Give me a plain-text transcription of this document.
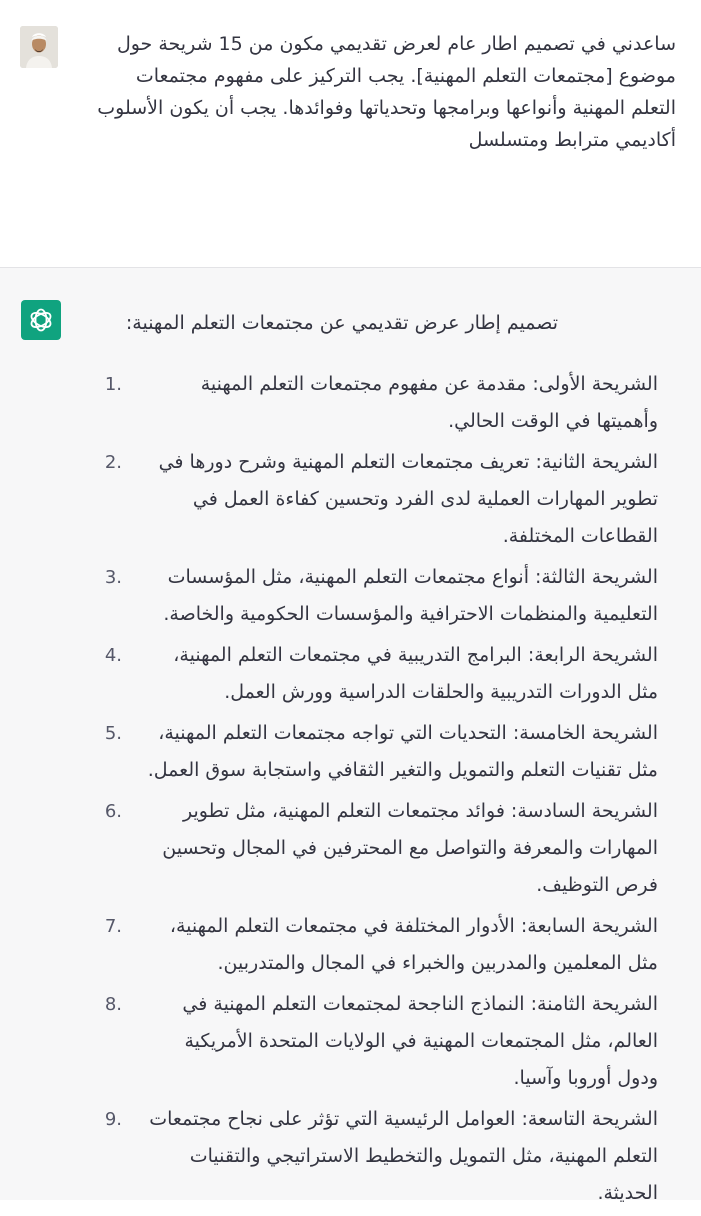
ساعدني في تصميم اطار عام لعرض تقديمي مكون من 15 شريحة حول موضوع [مجتمعات التعلم المهنية]. يجب التركيز على مفهوم مجتمعات التعلم المهنية وأنواعها وبرامجها وتحدياتها وفوائدها. يجب أن يكون الأسلوب أكاديمي مترابط ومتسلسل
تصميم إطار عرض تقديمي عن مجتمعات التعلم المهنية:
1.	الشريحة الأولى: مقدمة عن مفهوم مجتمعات التعلم المهنية وأهميتها في الوقت الحالي.
2.	الشريحة الثانية: تعريف مجتمعات التعلم المهنية وشرح دورها في تطوير المهارات العملية لدى الفرد وتحسين كفاءة العمل في القطاعات المختلفة.
3.	الشريحة الثالثة: أنواع مجتمعات التعلم المهنية، مثل المؤسسات التعليمية والمنظمات الاحترافية والمؤسسات الحكومية والخاصة.
4.	الشريحة الرابعة: البرامج التدريبية في مجتمعات التعلم المهنية، مثل الدورات التدريبية والحلقات الدراسية وورش العمل.
5.	الشريحة الخامسة: التحديات التي تواجه مجتمعات التعلم المهنية، مثل تقنيات التعلم والتمويل والتغير الثقافي واستجابة سوق العمل.
6.	الشريحة السادسة: فوائد مجتمعات التعلم المهنية، مثل تطوير المهارات والمعرفة والتواصل مع المحترفين في المجال وتحسين فرص التوظيف.
7.	الشريحة السابعة: الأدوار المختلفة في مجتمعات التعلم المهنية، مثل المعلمين والمدربين والخبراء في المجال والمتدربين.
8.	الشريحة الثامنة: النماذج الناجحة لمجتمعات التعلم المهنية في العالم، مثل المجتمعات المهنية في الولايات المتحدة الأمريكية ودول أوروبا وآسيا.
9.	الشريحة التاسعة: العوامل الرئيسية التي تؤثر على نجاح مجتمعات التعلم المهنية، مثل التمويل والتخطيط الاستراتيجي والتقنيات الحديثة.
